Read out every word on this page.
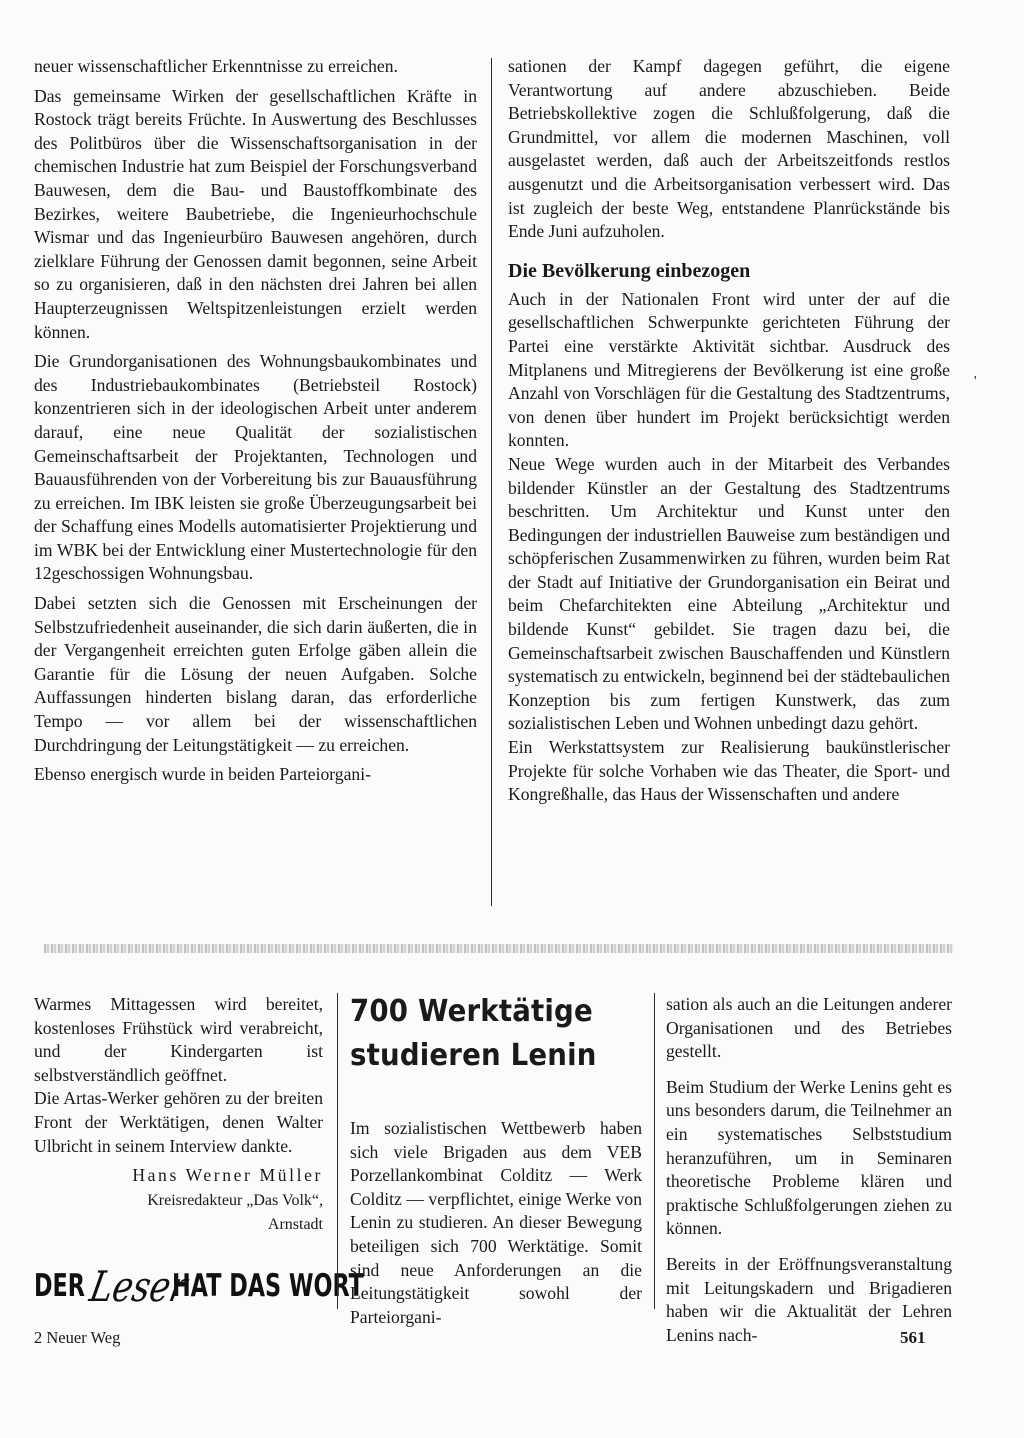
neuer wissenschaftlicher Erkenntnisse zu erreichen.

Das gemeinsame Wirken der gesellschaftlichen Kräfte in Rostock trägt bereits Früchte. In Auswertung des Beschlusses des Politbüros über die Wissenschaftsorganisation in der chemischen Industrie hat zum Beispiel der Forschungsverband Bauwesen, dem die Bau- und Baustoffkombinate des Bezirkes, weitere Baubetriebe, die Ingenieurhochschule Wismar und das Ingenieurbüro Bauwesen angehören, durch zielklare Führung der Genossen damit begonnen, seine Arbeit so zu organisieren, daß in den nächsten drei Jahren bei allen Haupterzeugnissen Weltspitzenleistungen erzielt werden können.

Die Grundorganisationen des Wohnungsbaukombinates und des Industriebaukombinates (Betriebsteil Rostock) konzentrieren sich in der ideologischen Arbeit unter anderem darauf, eine neue Qualität der sozialistischen Gemeinschaftsarbeit der Projektanten, Technologen und Bauausführenden von der Vorbereitung bis zur Bauausführung zu erreichen. Im IBK leisten sie große Überzeugungsarbeit bei der Schaffung eines Modells automatisierter Projektierung und im WBK bei der Entwicklung einer Mustertechnologie für den 12geschossigen Wohnungsbau.

Dabei setzten sich die Genossen mit Erscheinungen der Selbstzufriedenheit auseinander, die sich darin äußerten, die in der Vergangenheit erreichten guten Erfolge gäben allein die Garantie für die Lösung der neuen Aufgaben. Solche Auffassungen hinderten bislang daran, das erforderliche Tempo — vor allem bei der wissenschaftlichen Durchdringung der Leitungstätigkeit — zu erreichen.

Ebenso energisch wurde in beiden Parteiorgani-

sationen der Kampf dagegen geführt, die eigene Verantwortung auf andere abzuschieben. Beide Betriebskollektive zogen die Schlußfolgerung, daß die Grundmittel, vor allem die modernen Maschinen, voll ausgelastet werden, daß auch der Arbeitszeitfonds restlos ausgenutzt und die Arbeitsorganisation verbessert wird. Das ist zugleich der beste Weg, entstandene Planrückstände bis Ende Juni aufzuholen.

Die Bevölkerung einbezogen

Auch in der Nationalen Front wird unter der auf die gesellschaftlichen Schwerpunkte gerichteten Führung der Partei eine verstärkte Aktivität sichtbar. Ausdruck des Mitplanens und Mitregierens der Bevölkerung ist eine große Anzahl von Vorschlägen für die Gestaltung des Stadtzentrums, von denen über hundert im Projekt berücksichtigt werden konnten.

Neue Wege wurden auch in der Mitarbeit des Verbandes bildender Künstler an der Gestaltung des Stadtzentrums beschritten. Um Architektur und Kunst unter den Bedingungen der industriellen Bauweise zum beständigen und schöpferischen Zusammenwirken zu führen, wurden beim Rat der Stadt auf Initiative der Grundorganisation ein Beirat und beim Chefarchitekten eine Abteilung „Architektur und bildende Kunst“ gebildet. Sie tragen dazu bei, die Gemeinschaftsarbeit zwischen Bauschaffenden und Künstlern systematisch zu entwickeln, beginnend bei der städtebaulichen Konzeption bis zum fertigen Kunstwerk, das zum sozialistischen Leben und Wohnen unbedingt dazu gehört.

Ein Werkstattsystem zur Realisierung baukünstlerischer Projekte für solche Vorhaben wie das Theater, die Sport- und Kongreßhalle, das Haus der Wissenschaften und andere

'

Warmes Mittagessen wird bereitet, kostenloses Frühstück wird verabreicht, und der Kindergarten ist selbstverständlich geöffnet.

Die Artas-Werker gehören zu der breiten Front der Werktätigen, denen Walter Ulbricht in seinem Interview dankte.

Hans Werner Müller
Kreisredakteur „Das Volk“,
Arnstadt

DER Leser
HAT DAS WORT
700 Werktätige
studieren Lenin

Im sozialistischen Wettbewerb haben sich viele Brigaden aus dem VEB Porzellankombinat Colditz — Werk Colditz — verpflichtet, einige Werke von Lenin zu studieren. An dieser Bewegung beteiligen sich 700 Werktätige. Somit sind neue Anforderungen an die Leitungstätigkeit sowohl der Parteiorgani-

sation als auch an die Leitungen anderer Organisationen und des Betriebes gestellt.

Beim Studium der Werke Lenins geht es uns besonders darum, die Teilnehmer an ein systematisches Selbststudium heranzuführen, um in Seminaren theoretische Probleme klären und praktische Schlußfolgerungen ziehen zu können.

Bereits in der Eröffnungsveranstaltung mit Leitungskadern und Brigadieren haben wir die Aktualität der Lehren Lenins nach-

2 Neuer Weg	561
